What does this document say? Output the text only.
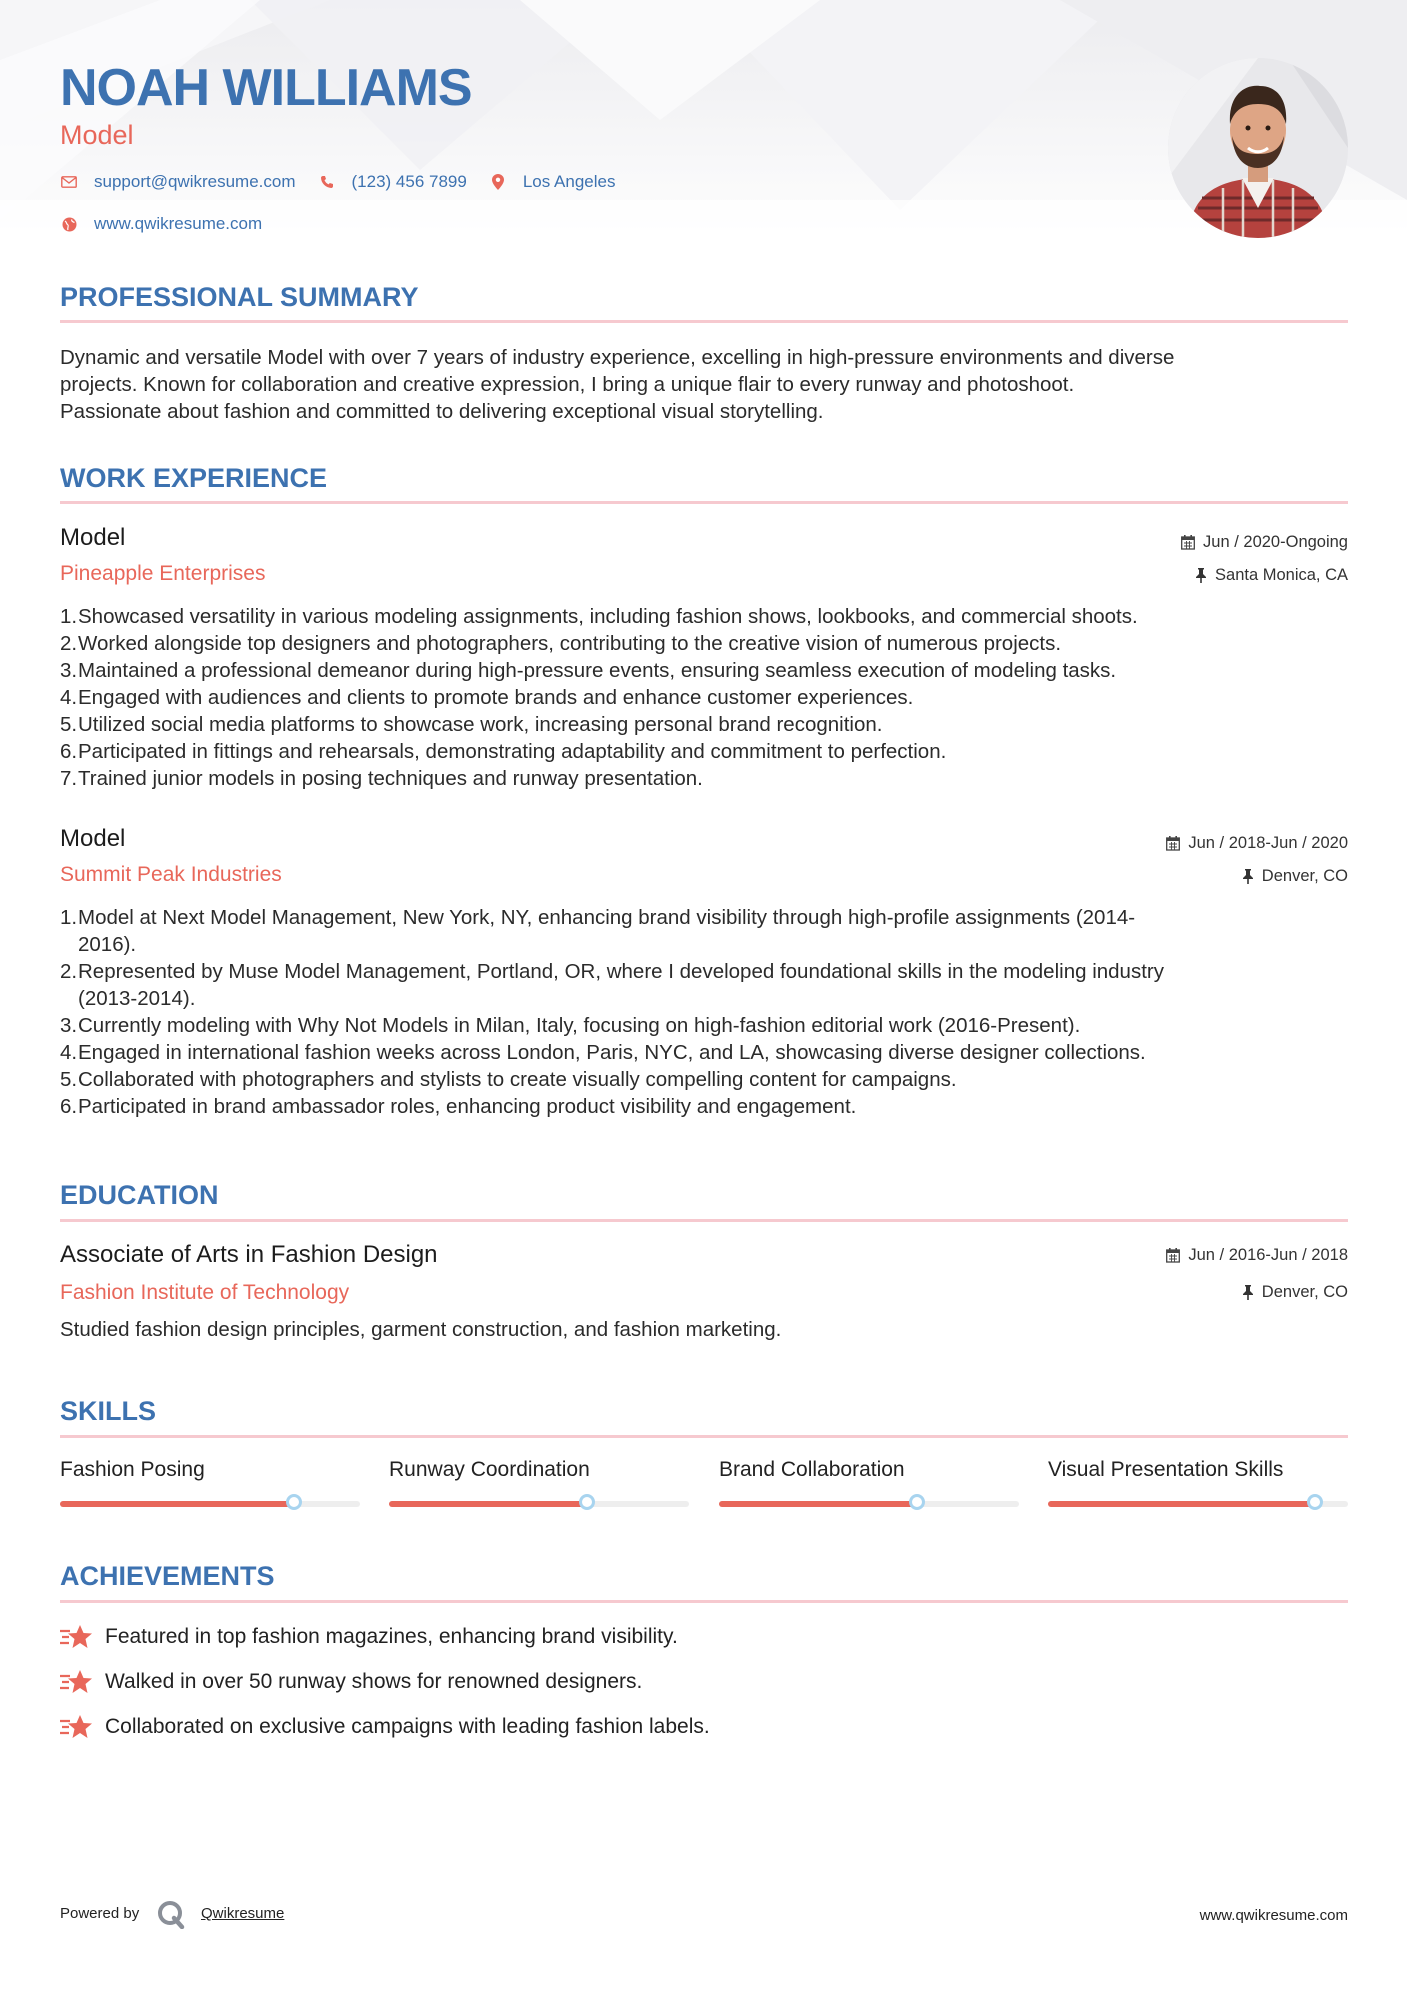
NOAH WILLIAMS
Model
support@qwikresume.com	(123) 456 7899	Los Angeles
www.qwikresume.com
PROFESSIONAL SUMMARY
Dynamic and versatile Model with over 7 years of industry experience, excelling in high-pressure environments and diverse
projects. Known for collaboration and creative expression, I bring a unique flair to every runway and photoshoot.
Passionate about fashion and committed to delivering exceptional visual storytelling.
WORK EXPERIENCE
Model
Pineapple Enterprises
Jun / 2020-Ongoing
Santa Monica, CA
1. Showcased versatility in various modeling assignments, including fashion shows, lookbooks, and commercial shoots.
2. Worked alongside top designers and photographers, contributing to the creative vision of numerous projects.
3. Maintained a professional demeanor during high-pressure events, ensuring seamless execution of modeling tasks.
4. Engaged with audiences and clients to promote brands and enhance customer experiences.
5. Utilized social media platforms to showcase work, increasing personal brand recognition.
6. Participated in fittings and rehearsals, demonstrating adaptability and commitment to perfection.
7. Trained junior models in posing techniques and runway presentation.
Model
Summit Peak Industries
Jun / 2018-Jun / 2020
Denver, CO
1. Model at Next Model Management, New York, NY, enhancing brand visibility through high-profile assignments (2014-
2016).
2. Represented by Muse Model Management, Portland, OR, where I developed foundational skills in the modeling industry
(2013-2014).
3. Currently modeling with Why Not Models in Milan, Italy, focusing on high-fashion editorial work (2016-Present).
4. Engaged in international fashion weeks across London, Paris, NYC, and LA, showcasing diverse designer collections.
5. Collaborated with photographers and stylists to create visually compelling content for campaigns.
6. Participated in brand ambassador roles, enhancing product visibility and engagement.
EDUCATION
Associate of Arts in Fashion Design
Fashion Institute of Technology
Jun / 2016-Jun / 2018
Denver, CO
Studied fashion design principles, garment construction, and fashion marketing.
SKILLS
Fashion Posing	Runway Coordination	Brand Collaboration	Visual Presentation Skills
ACHIEVEMENTS
Featured in top fashion magazines, enhancing brand visibility.
Walked in over 50 runway shows for renowned designers.
Collaborated on exclusive campaigns with leading fashion labels.
Powered by	Qwikresume	www.qwikresume.com
